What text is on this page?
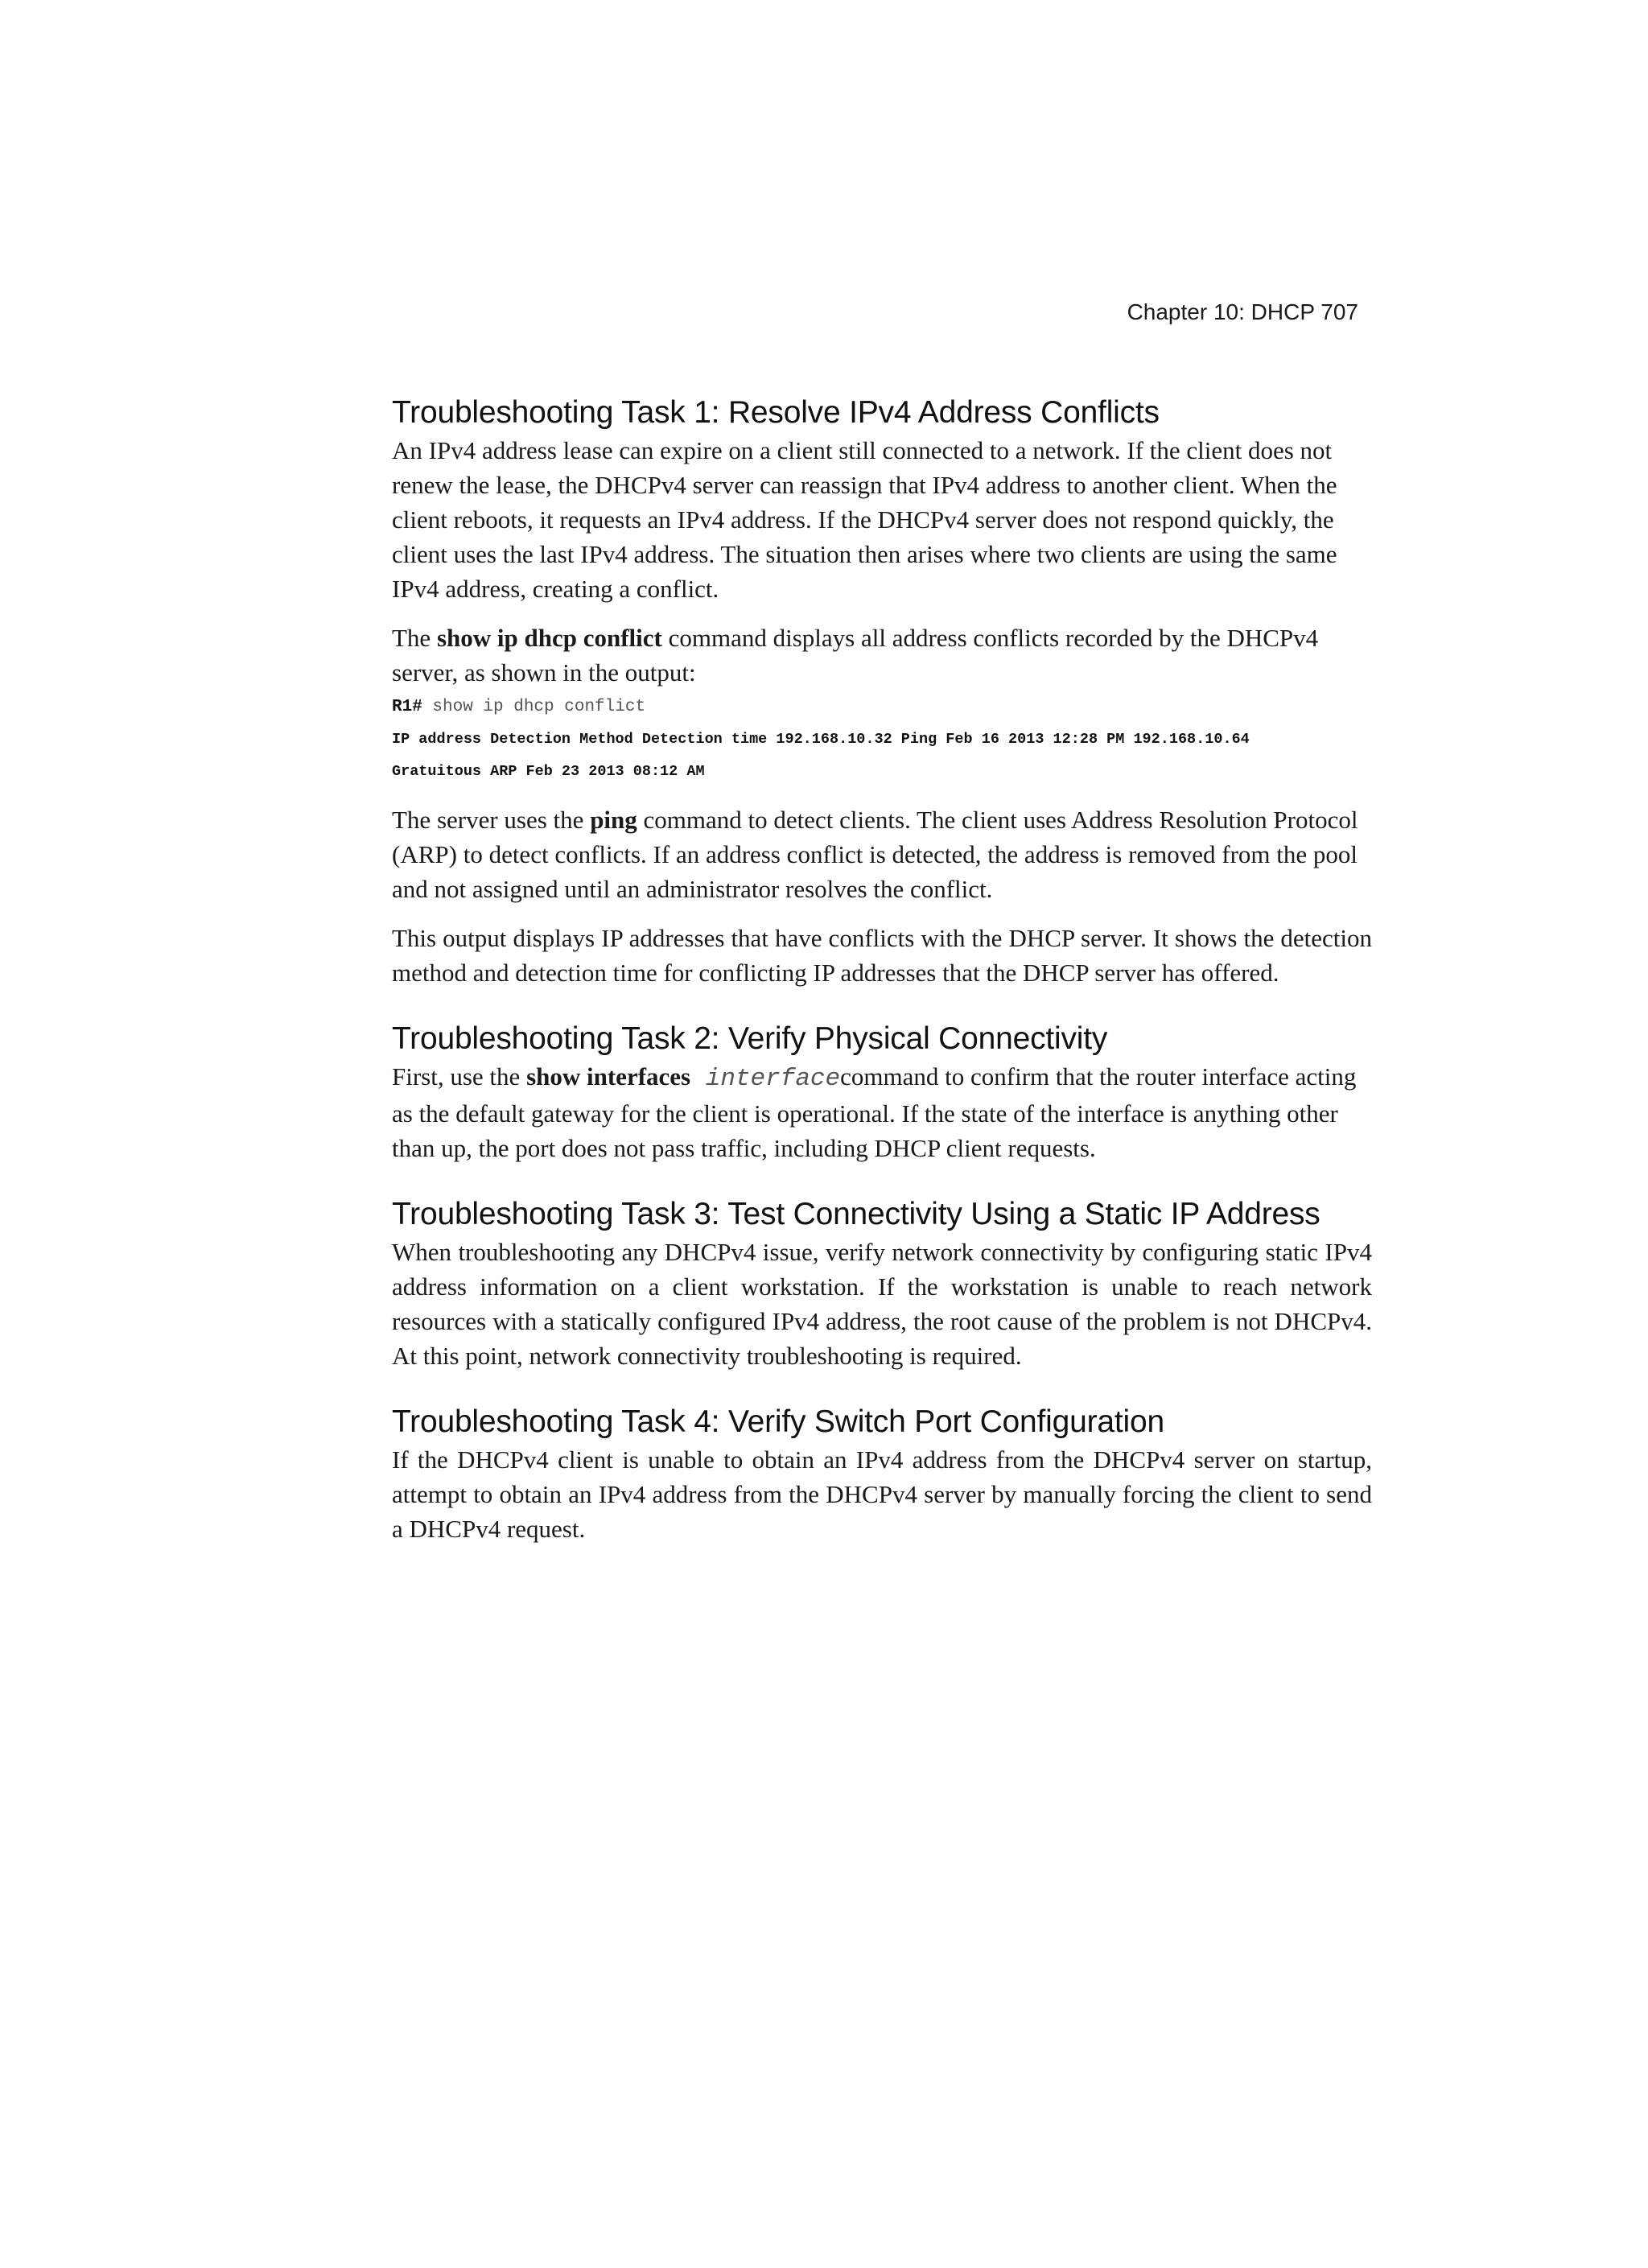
Chapter 10: DHCP 707
Troubleshooting Task 1: Resolve IPv4 Address Conflicts

An IPv4 address lease can expire on a client still connected to a network. If the client does not renew the lease, the DHCPv4 server can reassign that IPv4 address to another client. When the client reboots, it requests an IPv4 address. If the DHCPv4 server does not respond quickly, the client uses the last IPv4 address. The situation then arises where two clients are using the same IPv4 address, creating a conflict.

The show ip dhcp conflict command displays all address conflicts recorded by the DHCPv4 server, as shown in the output:

R1# show ip dhcp conflict
IP address Detection Method Detection time 192.168.10.32 Ping Feb 16 2013 12:28 PM 192.168.10.64
Gratuitous ARP Feb 23 2013 08:12 AM

The server uses the ping command to detect clients. The client uses Address Resolution Protocol (ARP) to detect conflicts. If an address conflict is detected, the address is removed from the pool and not assigned until an administrator resolves the conflict.

This output displays IP addresses that have conflicts with the DHCP server. It shows the detection method and detection time for conflicting IP addresses that the DHCP server has offered.

Troubleshooting Task 2: Verify Physical Connectivity

First, use the show interfaces interfacecommand to confirm that the router interface acting as the default gateway for the client is operational. If the state of the interface is anything other than up, the port does not pass traffic, including DHCP client requests.

Troubleshooting Task 3: Test Connectivity Using a Static IP Address

When troubleshooting any DHCPv4 issue, verify network connectivity by configuring static IPv4 address information on a client workstation. If the workstation is unable to reach network resources with a statically configured IPv4 address, the root cause of the problem is not DHCPv4. At this point, network connectivity troubleshooting is required.

Troubleshooting Task 4: Verify Switch Port Configuration

If the DHCPv4 client is unable to obtain an IPv4 address from the DHCPv4 server on startup, attempt to obtain an IPv4 address from the DHCPv4 server by manually forcing the client to send a DHCPv4 request.
